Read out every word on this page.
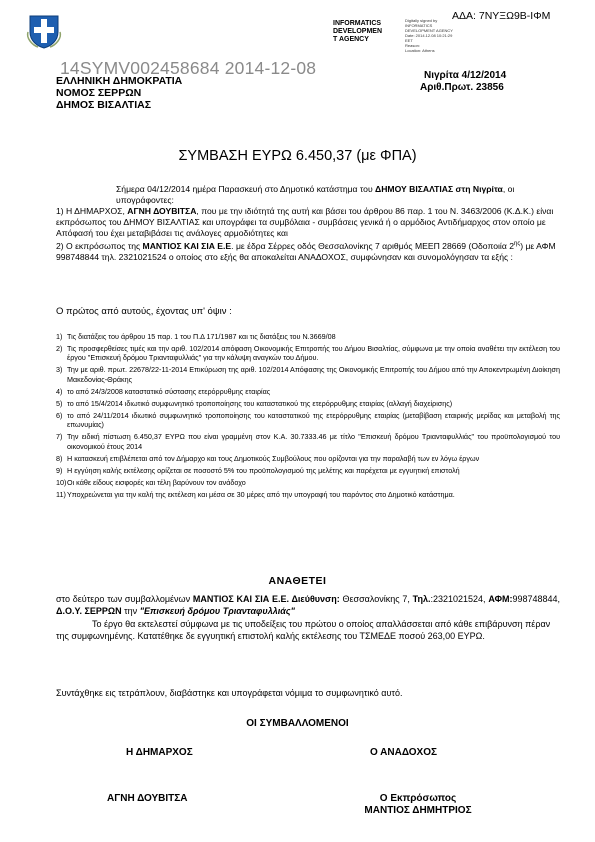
ΑΔΑ: 7ΝΥΞΩ9Β-ΙΦΜ
INFORMATICS
DEVELOPMEN
T AGENCY
Digitally signed by
INFORMATICS
DEVELOPMENT AGENCY
Date: 2014.12.08 10:21:29
EET
Reason:
Location: Athens
14SYMV002458684 2014-12-08
ΕΛΛΗΝΙΚΗ ΔΗΜΟΚΡΑΤΙΑ
ΝΟΜΟΣ ΣΕΡΡΩΝ
ΔΗΜΟΣ ΒΙΣΑΛΤΙΑΣ
Νιγρίτα 4/12/2014
Αριθ.Πρωτ. 23856
ΣΥΜΒΑΣΗ ΕΥΡΩ 6.450,37 (με ΦΠΑ)
Σήμερα 04/12/2014 ημέρα Παρασκευή στο Δημοτικό κατάστημα του ΔΗΜΟΥ ΒΙΣΑΛΤΙΑΣ στη Νιγρίτα, οι υπογράφοντες:
1) Η ΔΗΜΑΡΧΟΣ, ΑΓΝΗ ΔΟΥΒΙΤΣΑ, που με την ιδιότητά της αυτή και βάσει του άρθρου 86 παρ. 1 του Ν. 3463/2006 (Κ.Δ.Κ.) είναι εκπρόσωπος του ΔΗΜΟΥ ΒΙΣΑΛΤΙΑΣ και υπογράφει τα συμβόλαια - συμβάσεις γενικά ή ο αρμόδιος Αντιδήμαρχος στον οποίο με Απόφασή του έχει μεταβιβάσει τις ανάλογες αρμοδιότητες και
2) Ο εκπρόσωπος της ΜΑΝΤΙΟΣ ΚΑΙ ΣΙΑ Ε.Ε. με έδρα Σέρρες οδός Θεσσαλονίκης 7 αριθμός ΜΕΕΠ 28669 (Οδοποιία $2^{\eta\varsigma}$) με ΑΦΜ 998748844 τηλ. 2321021524 ο οποίος στο εξής θα αποκαλείται ΑΝΑΔΟΧΟΣ, συμφώνησαν και συνομολόγησαν τα εξής :
Ο πρώτος από αυτούς, έχοντας υπ' όψιν :
1) Τις διατάξεις του άρθρου 15 παρ. 1 του Π.Δ 171/1987 και τις διατάξεις του Ν.3669/08
2) Τις προσφερθείσες τιμές και την αριθ. 102/2014 απόφαση Οικονομικής Επιτροπής του Δήμου Βισαλτίας, σύμφωνα με την οποία αναθέτει την εκτέλεση του έργου "Επισκευή δρόμου Τριανταφυλλιάς" για την κάλυψη αναγκών του Δήμου.
3) Την με αριθ. πρωτ. 22678/22-11-2014 Επικύρωση της αριθ. 102/2014 Απόφασης της Οικονομικής Επιτροπής του Δήμου από την Αποκεντρωμένη Διοίκηση Μακεδονίας-Θράκης
4) το από 24/3/2008 καταστατικό σύστασης ετερόρρυθμης εταιρίας
5) το από 15/4/2014 ιδιωτικό συμφωνητικό τροποποίησης του καταστατικού της ετερόρρυθμης εταιρίας (αλλαγή διαχείρισης)
6) το από 24/11/2014 ιδιωτικό συμφωνητικό τροποποίησης του καταστατικού της ετερόρρυθμης εταιρίας (μεταβίβαση εταιρικής μερίδας και μεταβολή της επωνυμίας)
7) Την ειδική πίστωση 6.450,37 ΕΥΡΩ που είναι γραμμένη στον Κ.Α. 30.7333.46 με τίτλο "Επισκευή δρόμου Τριανταφυλλιάς" του προϋπολογισμού του οικονομικού έτους 2014
8) Η κατασκευή επιβλέπεται από τον Δήμαρχο και τους Δημοτικούς Συμβούλους που ορίζονται για την παραλαβή των εν λόγω έργων
9) Η εγγύηση καλής εκτέλεσης ορίζεται σε ποσοστό 5% του προϋπολογισμού της μελέτης και παρέχεται με εγγυητική επιστολή
10) Οι κάθε είδους εισφορές και τέλη βαρύνουν τον ανάδοχο
11) Υποχρεώνεται για την καλή της εκτέλεση και μέσα σε 30 μέρες από την υπογραφή του παρόντος στο Δημοτικό κατάστημα.
ΑΝΑΘΕΤΕΙ
στο δεύτερο των συμβαλλομένων ΜΑΝΤΙΟΣ ΚΑΙ ΣΙΑ Ε.Ε. Διεύθυνση: Θεσσαλονίκης 7, Τηλ.:2321021524, ΑΦΜ:998748844, Δ.Ο.Υ. ΣΕΡΡΩΝ την "Επισκευή δρόμου Τριανταφυλλιάς"
Το έργο θα εκτελεστεί σύμφωνα με τις υποδείξεις του πρώτου ο οποίος απαλλάσσεται από κάθε επιβάρυνση πέραν της συμφωνημένης. Κατατέθηκε δε εγγυητική επιστολή καλής εκτέλεσης του ΤΣΜΕΔΕ ποσού 263,00 ΕΥΡΩ.
Συντάχθηκε εις τετράπλουν, διαβάστηκε και υπογράφεται νόμιμα το συμφωνητικό αυτό.
ΟΙ ΣΥΜΒΑΛΛΟΜΕΝΟΙ
Η ΔΗΜΑΡΧΟΣ	Ο ΑΝΑΔΟΧΟΣ
ΑΓΝΗ ΔΟΥΒΙΤΣΑ	Ο Εκπρόσωπος
ΜΑΝΤΙΟΣ ΔΗΜΗΤΡΙΟΣ
